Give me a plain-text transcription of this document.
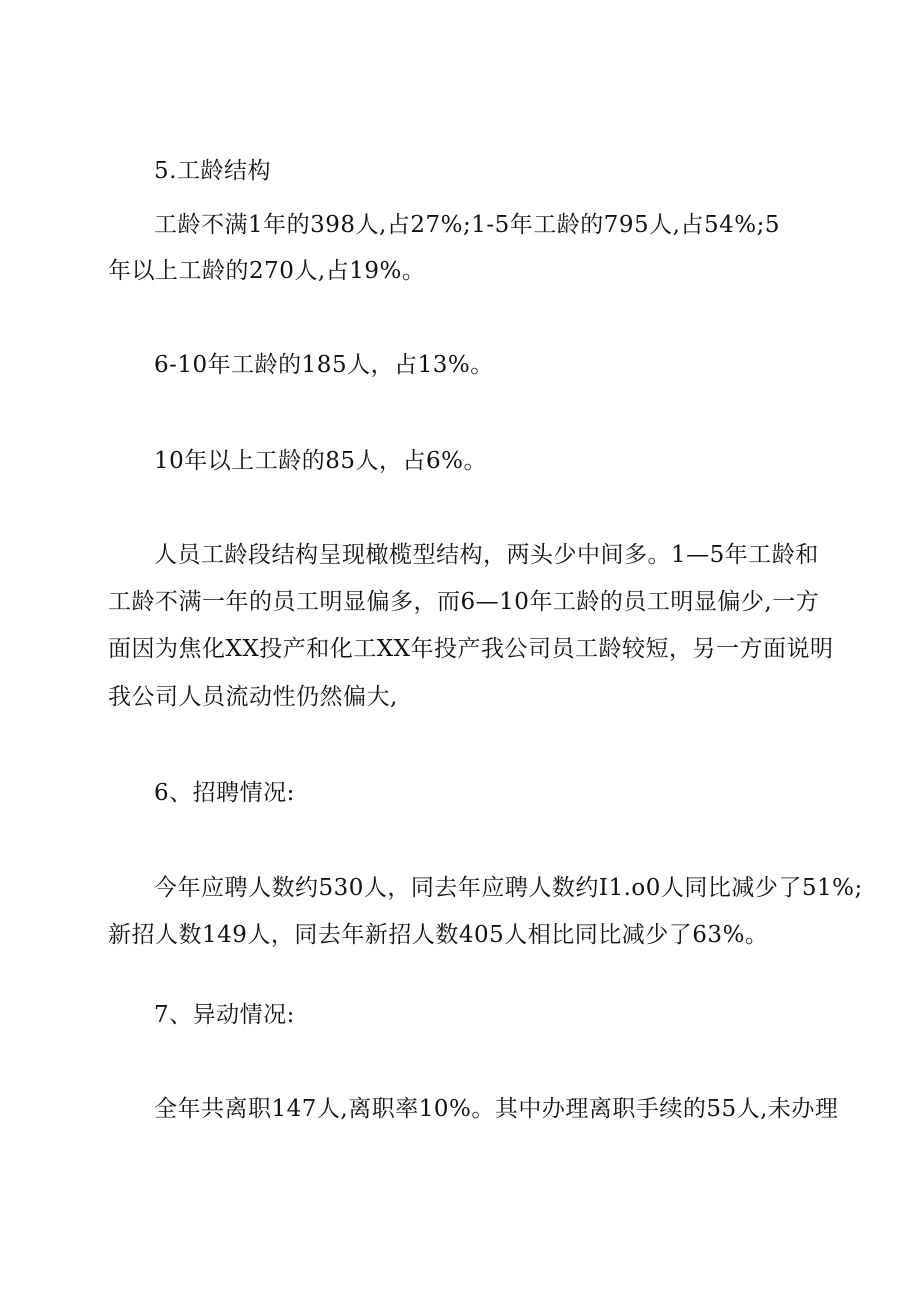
5.工龄结构
工龄不满1年的398人,占27%;1-5年工龄的795人,占54%;5
年以上工龄的270人,占19%。
6-10年工龄的185人，占13%。
10年以上工龄的85人，占6%。
人员工龄段结构呈现橄榄型结构，两头少中间多。1—5年工龄和
工龄不满一年的员工明显偏多，而6—10年工龄的员工明显偏少,一方
面因为焦化XX投产和化工XX年投产我公司员工龄较短，另一方面说明
我公司人员流动性仍然偏大,
6、招聘情况:
今年应聘人数约530人，同去年应聘人数约I1.o0人同比减少了51%;
新招人数149人，同去年新招人数405人相比同比减少了63%。
7、异动情况:
全年共离职147人,离职率10%。其中办理离职手续的55人,未办理
